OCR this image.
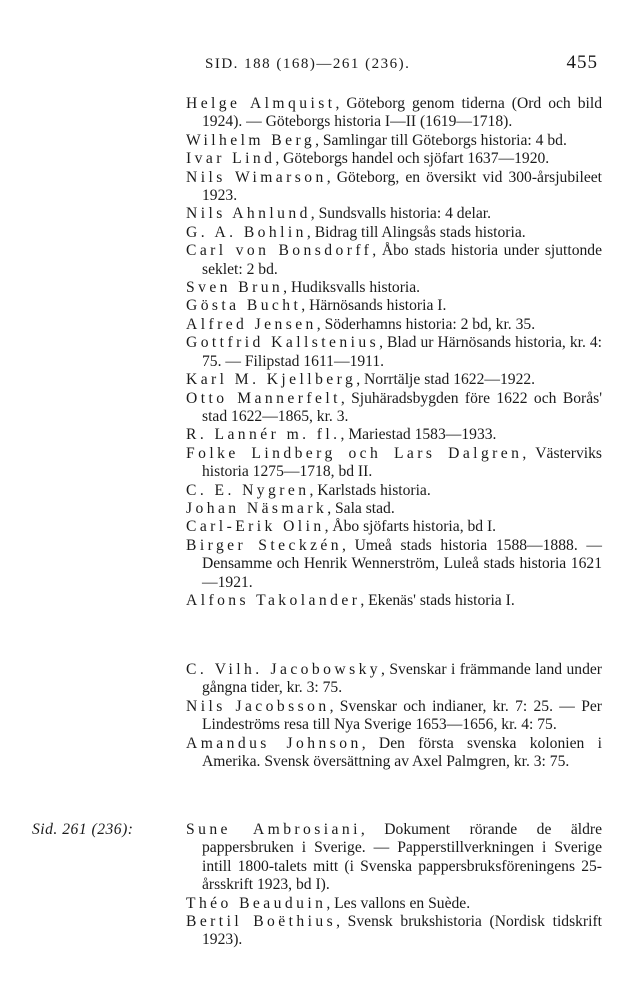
SID. 188 (168)—261 (236).	455

Helge Almquist, Göteborg genom tiderna (Ord och bild 1924). — Göteborgs historia I—II (1619—1718).

Wilhelm Berg, Samlingar till Göteborgs historia: 4 bd.

Ivar Lind, Göteborgs handel och sjöfart 1637—1920.

Nils Wimarson, Göteborg, en översikt vid 300-årsjubileet 1923.

Nils Ahnlund, Sundsvalls historia: 4 delar.

G. A. Bohlin, Bidrag till Alingsås stads historia.

Carl von Bonsdorff, Åbo stads historia under sjuttonde seklet: 2 bd.

Sven Brun, Hudiksvalls historia.

Gösta Bucht, Härnösands historia I.

Alfred Jensen, Söderhamns historia: 2 bd, kr. 35.

Gottfrid Kallstenius, Blad ur Härnösands historia, kr. 4: 75. — Filipstad 1611—1911.

Karl M. Kjellberg, Norrtälje stad 1622—1922.

Otto Mannerfelt, Sjuhäradsbygden före 1622 och Borås' stad 1622—1865, kr. 3.

R. Lannér m. fl., Mariestad 1583—1933.

Folke Lindberg och Lars Dalgren, Västerviks historia 1275—1718, bd II.

C. E. Nygren, Karlstads historia.

Johan Näsmark, Sala stad.

Carl-Erik Olin, Åbo sjöfarts historia, bd I.

Birger Steckzén, Umeå stads historia 1588—1888. — Densamme och Henrik Wennerström, Luleå stads historia 1621—1921.

Alfons Takolander, Ekenäs' stads historia I.

C. Vilh. Jacobowsky, Svenskar i främmande land under gångna tider, kr. 3: 75.

Nils Jacobsson, Svenskar och indianer, kr. 7: 25. — Per Lindeströms resa till Nya Sverige 1653—1656, kr. 4: 75.

Amandus Johnson, Den första svenska kolonien i Amerika. Svensk översättning av Axel Palmgren, kr. 3: 75.

Sid. 261 (236):	Sune Ambrosiani, Dokument rörande de äldre pappersbruken i Sverige. — Papperstillverkningen i Sverige intill 1800-talets mitt (i Svenska pappersbruksföreningens 25-årsskrift 1923, bd I).

Théo Beauduin, Les vallons en Suède.

Bertil Boëthius, Svensk brukshistoria (Nordisk tidskrift 1923).
